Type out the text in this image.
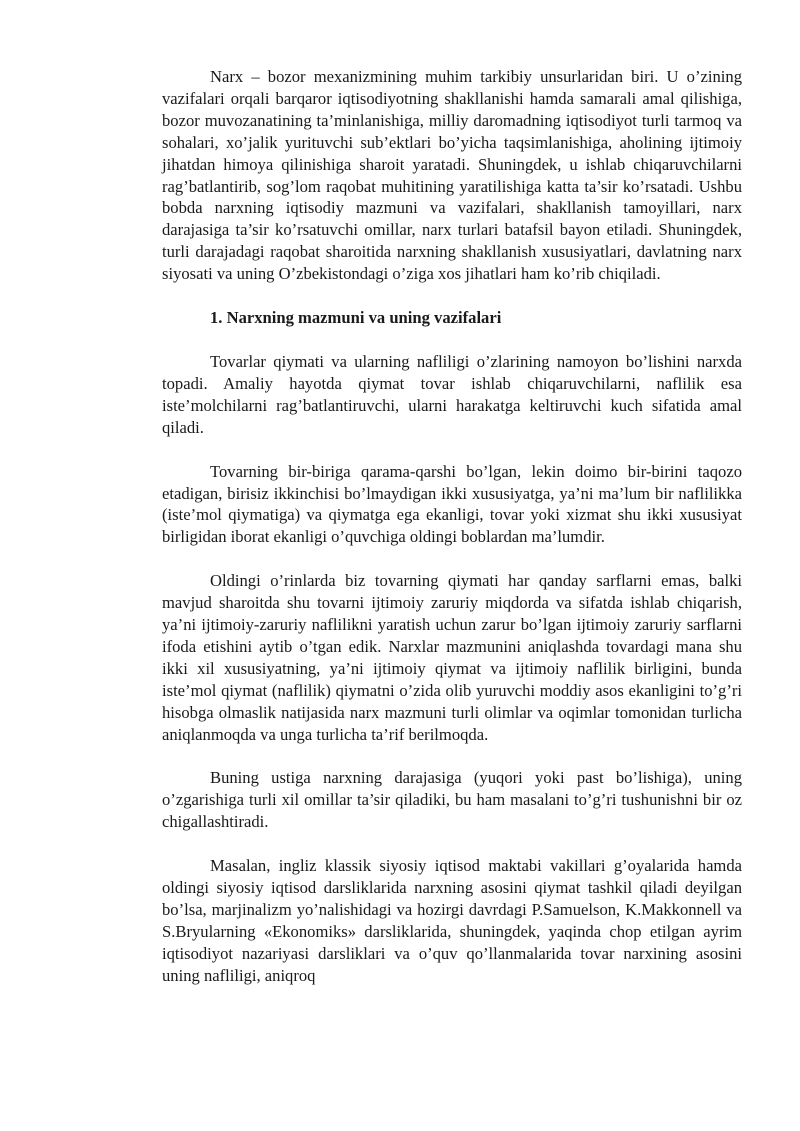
Narx – bozor mexanizmining muhim tarkibiy unsurlaridan biri. U o’zining vazifalari orqali barqaror iqtisodiyotning shakllanishi hamda samarali amal qilishiga, bozor muvozanatining ta’minlanishiga, milliy daromadning iqtisodiyot turli tarmoq va sohalari, xo’jalik yurituvchi sub’ektlari bo’yicha taqsimlanishiga, aholining ijtimoiy jihatdan himoya qilinishiga sharoit yaratadi. Shuningdek, u ishlab chiqaruvchilarni rag’batlantirib, sog’lom raqobat muhitining yaratilishiga katta ta’sir ko’rsatadi. Ushbu bobda narxning iqtisodiy mazmuni va vazifalari, shakllanish tamoyillari, narx darajasiga ta’sir ko’rsatuvchi omillar, narx turlari batafsil bayon etiladi. Shuningdek, turli darajadagi raqobat sharoitida narxning shakllanish xususiyatlari, davlatning narx siyosati va uning O’zbekistondagi o’ziga xos jihatlari ham ko’rib chiqiladi.

1. Narxning mazmuni va uning vazifalari

Tovarlar qiymati va ularning nafliligi o’zlarining namoyon bo’lishini narxda topadi. Amaliy hayotda qiymat tovar ishlab chiqaruvchilarni, naflilik esa iste’molchilarni rag’batlantiruvchi, ularni harakatga keltiruvchi kuch sifatida amal qiladi.

Tovarning bir-biriga qarama-qarshi bo’lgan, lekin doimo bir-birini taqozo etadigan, birisiz ikkinchisi bo’lmaydigan ikki xususiyatga, ya’ni ma’lum bir naflilikka (iste’mol qiymatiga) va qiymatga ega ekanligi, tovar yoki xizmat shu ikki xususiyat birligidan iborat ekanligi o’quvchiga oldingi boblardan ma’lumdir.

Oldingi o’rinlarda biz tovarning qiymati har qanday sarflarni emas, balki mavjud sharoitda shu tovarni ijtimoiy zaruriy miqdorda va sifatda ishlab chiqarish, ya’ni ijtimoiy-zaruriy naflilikni yaratish uchun zarur bo’lgan ijtimoiy zaruriy sarflarni ifoda etishini aytib o’tgan edik. Narxlar mazmunini aniqlashda tovardagi mana shu ikki xil xususiyatning, ya’ni ijtimoiy qiymat va ijtimoiy naflilik birligini, bunda iste’mol qiymat (naflilik) qiymatni o’zida olib yuruvchi moddiy asos ekanligini to’g’ri hisobga olmaslik natijasida narx mazmuni turli olimlar va oqimlar tomonidan turlicha aniqlanmoqda va unga turlicha ta’rif berilmoqda.

Buning ustiga narxning darajasiga (yuqori yoki past bo’lishiga), uning o’zgarishiga turli xil omillar ta’sir qiladiki, bu ham masalani to’g’ri tushunishni bir oz chigallashtiradi.

Masalan, ingliz klassik siyosiy iqtisod maktabi vakillari g’oyalarida hamda oldingi siyosiy iqtisod darsliklarida narxning asosini qiymat tashkil qiladi deyilgan bo’lsa, marjinalizm yo’nalishidagi va hozirgi davrdagi P.Samuelson, K.Makkonnell va S.Bryularning «Ekonomiks» darsliklarida, shuningdek, yaqinda chop etilgan ayrim iqtisodiyot nazariyasi darsliklari va o’quv qo’llanmalarida tovar narxining asosini uning nafliligi, aniqroq
